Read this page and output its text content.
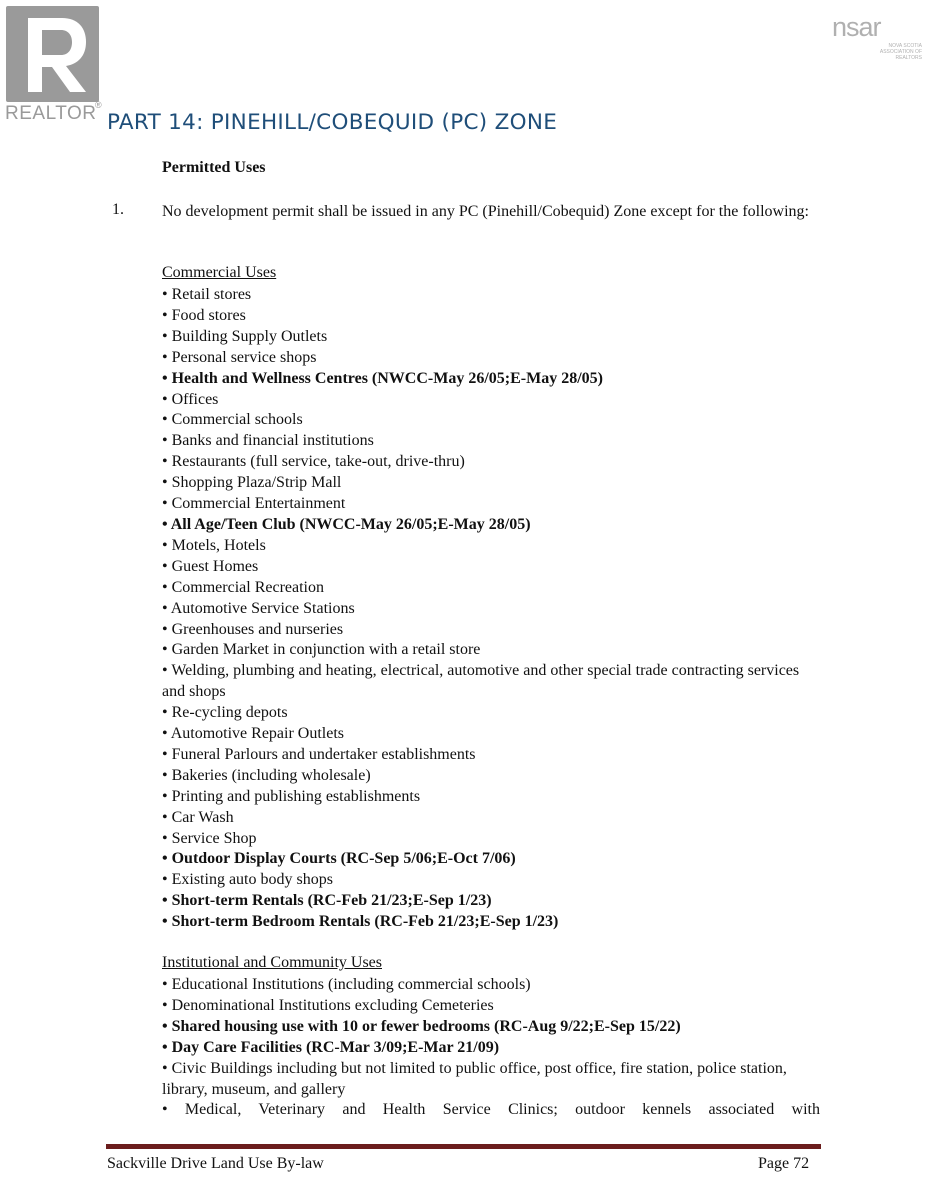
REALTOR
®
nsar
NOVA SCOTIA ASSOCIATION OF REALTORS
PART 14: PINEHILL/COBEQUID (PC) ZONE
Permitted Uses
1. No development permit shall be issued in any PC (Pinehill/Cobequid) Zone except for the following:
Commercial Uses
• Retail stores
• Food stores
• Building Supply Outlets
• Personal service shops
• Health and Wellness Centres (NWCC-May 26/05;E-May 28/05)
• Offices
• Commercial schools
• Banks and financial institutions
• Restaurants (full service, take-out, drive-thru)
• Shopping Plaza/Strip Mall
• Commercial Entertainment
• All Age/Teen Club (NWCC-May 26/05;E-May 28/05)
• Motels, Hotels
• Guest Homes
• Commercial Recreation
• Automotive Service Stations
• Greenhouses and nurseries
• Garden Market in conjunction with a retail store
• Welding, plumbing and heating, electrical, automotive and other special trade contracting services and shops
• Re-cycling depots
• Automotive Repair Outlets
• Funeral Parlours and undertaker establishments
• Bakeries (including wholesale)
• Printing and publishing establishments
• Car Wash
• Service Shop
• Outdoor Display Courts (RC-Sep 5/06;E-Oct 7/06)
• Existing auto body shops
• Short-term Rentals (RC-Feb 21/23;E-Sep 1/23)
• Short-term Bedroom Rentals (RC-Feb 21/23;E-Sep 1/23)
Institutional and Community Uses
• Educational Institutions (including commercial schools)
• Denominational Institutions excluding Cemeteries
• Shared housing use with 10 or fewer bedrooms (RC-Aug 9/22;E-Sep 15/22)
• Day Care Facilities (RC-Mar 3/09;E-Mar 21/09)
• Civic Buildings including but not limited to public office, post office, fire station, police station, library, museum, and gallery
• Medical, Veterinary and Health Service Clinics; outdoor kennels associated with
Sackville Drive Land Use By-law	Page 72
